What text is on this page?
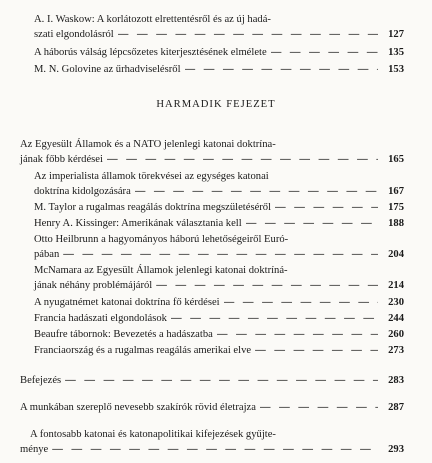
A. I. Waskow: A korlátozott elrettentésről és az új hadá-
szati elgondolásról — — —	127
A háborús válság lépcsőzetes kiterjesztésének elmélete — — —	135
M. N. Golovine az űrhadviselésről — — —	153
HARMADIK FEJEZET
Az Egyesült Államok és a NATO jelenlegi katonai doktrína-
jának főbb kérdései — — —	165
Az imperialista államok törekvései az egységes katonai
doktrína kidolgozására — — —	167
M. Taylor a rugalmas reagálás doktrína megszületéséről — — —	175
Henry A. Kissinger: Amerikának választania kell — — —	188
Otto Heilbrunn a hagyományos háború lehetőségeiről Euró-
pában — — —	204
McNamara az Egyesült Államok jelenlegi katonai doktríná-
jának néhány problémájáról — — —	214
A nyugatnémet katonai doktrína fő kérdései — — —	230
Francia hadászati elgondolások — — —	244
Beaufre tábornok: Bevezetés a hadászatba — — —	260
Franciaország és a rugalmas reagálás amerikai elve — — —	273
Befejezés — — —	283
A munkában szereplő nevesebb szakírók rövid életrajza — — —	287
A fontosabb katonai és katonapolitikai kifejezések gyűjte-
ménye — — —	293
